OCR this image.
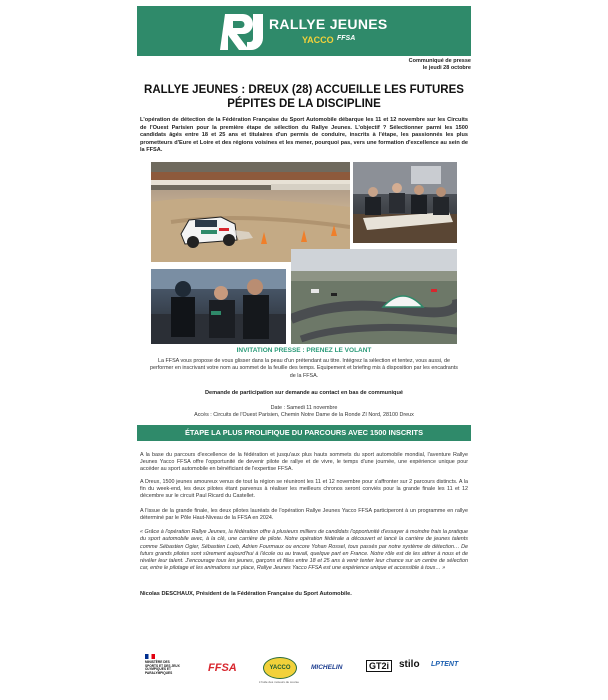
RALLYE JEUNES
YACCO FFSA
Communiqué de presse
le jeudi 28 octobre
RALLYE JEUNES : DREUX (28) ACCUEILLE LES FUTURES
PÉPITES DE LA DISCIPLINE
L'opération de détection de la Fédération Française du Sport Automobile débarque les 11 et 12 novembre sur les Circuits de l'Ouest Parisien pour la première étape de sélection du Rallye Jeunes. L'objectif ? Sélectionner parmi les 1500 candidats âgés entre 18 et 25 ans et titulaires d'un permis de conduire, inscrits à l'étape, les passionnés les plus prometteurs d'Eure et Loire et des régions voisines et les mener, pourquoi pas, vers une formation d'excellence au sein de la FFSA.
INVITATION PRESSE : PRENEZ LE VOLANT
La FFSA vous propose de vous glisser dans la peau d'un prétendant au titre. Intégrez la sélection et tentez, vous aussi, de performer en inscrivant votre nom au sommet de la feuille des temps. Equipement et briefing mis à disposition par les encadrants de la FFSA.
Demande de participation sur demande au contact en bas de communiqué
Date : Samedi 11 novembre
Accès : Circuits de l'Ouest Parisien, Chemin Notre Dame de la Ronde ZI Nord, 28100 Dreux
ÉTAPE LA PLUS PROLIFIQUE DU PARCOURS AVEC 1500 INSCRITS
A la base du parcours d'excellence de la fédération et jusqu'aux plus hauts sommets du sport automobile mondial, l'aventure Rallye Jeunes Yacco FFSA offre l'opportunité de devenir pilote de rallye et de vivre, le temps d'une journée, une expérience unique pour accéder au sport automobile en bénéficiant de l'expertise FFSA.
A Dreux, 1500 jeunes amoureux venus de tout la région se réuniront les 11 et 12 novembre pour s'affronter sur 2 parcours distincts. A la fin du week-end, les deux pilotes étant parvenus à réaliser les meilleurs chronos seront conviés pour la grande finale les 11 et 12 décembre sur le circuit Paul Ricard du Castellet.
A l'issue de la grande finale, les deux pilotes lauréats de l'opération Rallye Jeunes Yacco FFSA participeront à un programme en rallye déterminé par le Pôle Haut-Niveau de la FFSA en 2024.
« Grâce à l'opération Rallye Jeunes, la fédération offre à plusieurs milliers de candidats l'opportunité d'essayer à moindre frais la pratique du sport automobile avec, à la clé, une carrière de pilote. Notre opération fédérale a découvert et lancé la carrière de jeunes talents comme Sébastien Ogier, Sébastien Loeb, Adrien Fourmaux ou encore Yohan Rossel, tous passés par notre système de détection… De futurs grands pilotes sont sûrement aujourd'hui à l'école ou au travail, quelque part en France. Notre rôle est de les attirer à nous et de révéler leur talent. J'encourage tous les jeunes, garçons et filles entre 18 et 25 ans à venir tenter leur chance sur un centre de sélection car, entre le pilotage et les animations sur place, Rallye Jeunes Yacco FFSA est une expérience unique et accessible à tous… »
Nicolas DESCHAUX, Président de la Fédération Française du Sport Automobile.
MINISTÈRE DES SPORTS ET DES JEUX OLYMPIQUES ET PARALYMPIQUES	FFSA	YACCO
L'huile des moteurs de course
MICHELIN	GT2i stilo LPTENT
